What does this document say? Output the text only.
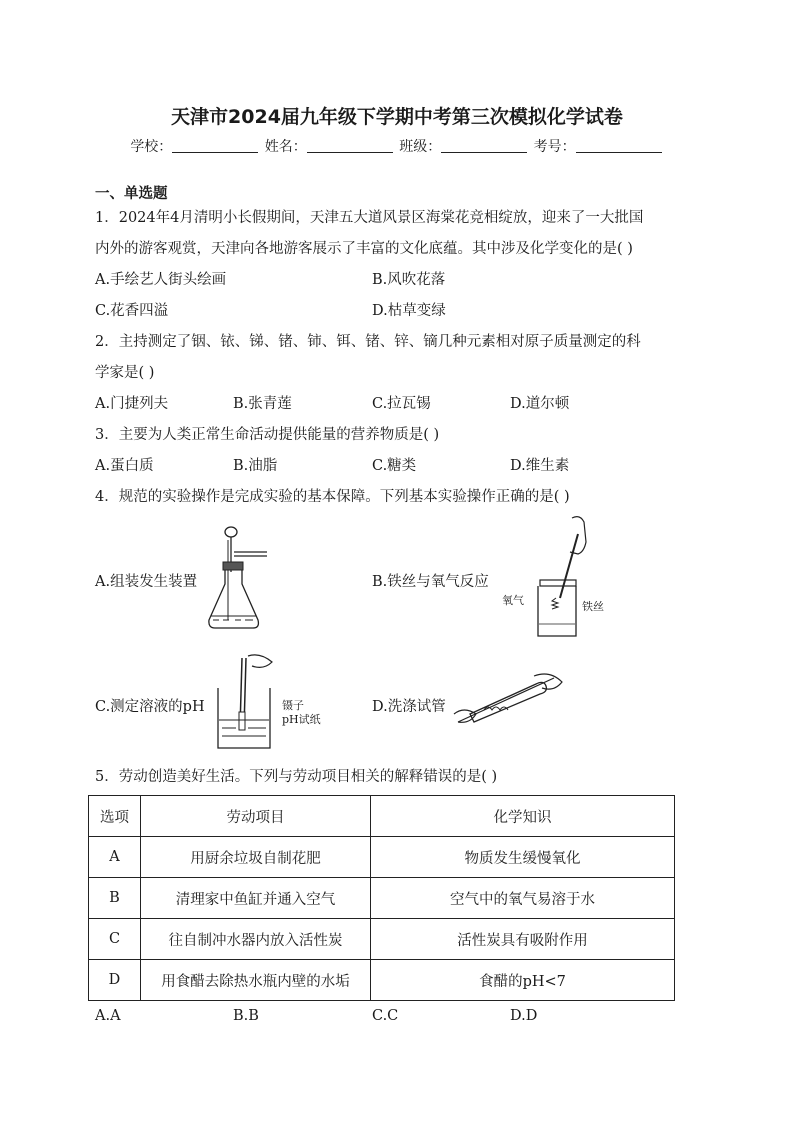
天津市2024届九年级下学期中考第三次模拟化学试卷
学校：	姓名：	班级：	考号：
一、单选题
1．2024年4月清明小长假期间，天津五大道风景区海棠花竞相绽放，迎来了一大批国
内外的游客观赏，天津向各地游客展示了丰富的文化底蕴。其中涉及化学变化的是( )
A.手绘艺人街头绘画	B.风吹花落
C.花香四溢	D.枯草变绿
2．主持测定了铟、铱、锑、锗、铈、铒、锗、锌、镝几种元素相对原子质量测定的科
学家是( )
A.门捷列夫	B.张青莲	C.拉瓦锡	D.道尔顿
3．主要为人类正常生命活动提供能量的营养物质是( )
A.蛋白质	B.油脂	C.糖类	D.维生素
4．规范的实验操作是完成实验的基本保障。下列基本实验操作正确的是( )
A.组装发生装置	B.铁丝与氧气反应
氧气	铁丝
C.测定溶液的pH	镊子
pH试纸
D.洗涤试管
5．劳动创造美好生活。下列与劳动项目相关的解释错误的是( )
选项	劳动项目	化学知识
A	用厨余垃圾自制花肥	物质发生缓慢氧化
B	清理家中鱼缸并通入空气	空气中的氧气易溶于水
C	往自制冲水器内放入活性炭	活性炭具有吸附作用
D	用食醋去除热水瓶内壁的水垢	食醋的pH<7
A.A	B.B	C.C	D.D
